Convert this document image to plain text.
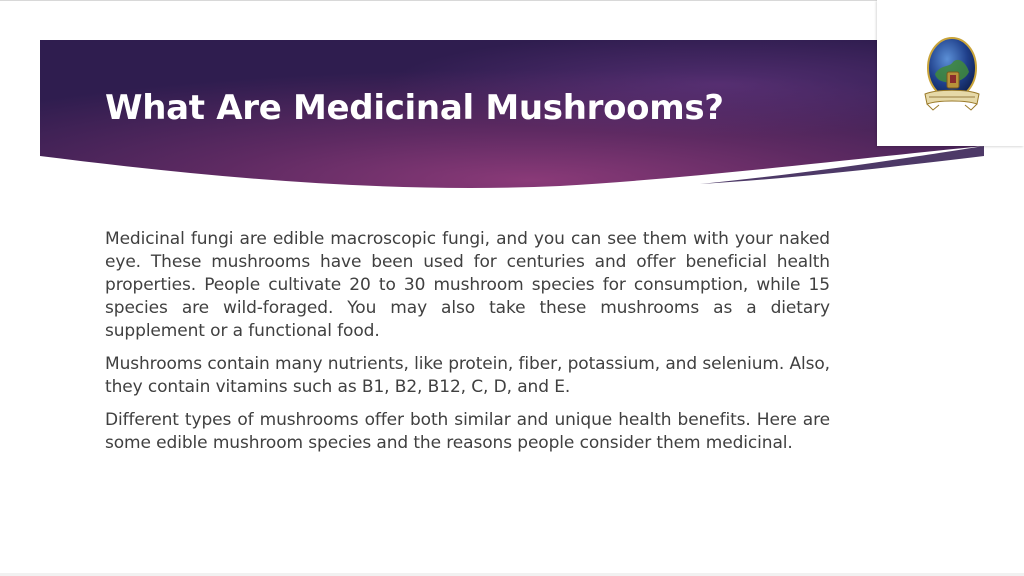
What Are Medicinal Mushrooms?

Medicinal fungi are edible macroscopic fungi, and you can see them with your naked eye. These mushrooms have been used for centuries and offer beneficial health properties. People cultivate 20 to 30 mushroom species for consumption, while 15 species are wild-foraged. You may also take these mushrooms as a dietary supplement or a functional food.

Mushrooms contain many nutrients, like protein, fiber, potassium, and selenium. Also, they contain vitamins such as B1, B2, B12, C, D, and E.

Different types of mushrooms offer both similar and unique health benefits. Here are some edible mushroom species and the reasons people consider them medicinal.
